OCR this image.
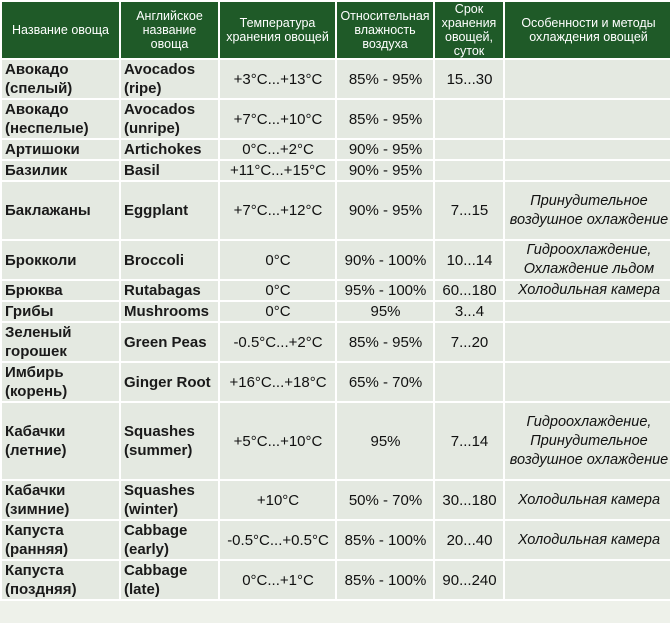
Название овоща	Английское название овоща	Температура хранения овощей	Относительная влажность воздуха	Срок хранения овощей, суток	Особенности и методы охлаждения овощей
Авокадо (спелый)	Avocados (ripe)	+3°C...+13°C	85% - 95%	15...30	
Авокадо (неспелые)	Avocados (unripe)	+7°C...+10°C	85% - 95%		
Артишоки	Artichokes	0°C...+2°C	90% - 95%		
Базилик	Basil	+11°C...+15°C	90% - 95%		
Баклажаны	Eggplant	+7°C...+12°C	90% - 95%	7...15	Принудительное воздушное охлаждение
Брокколи	Broccoli	0°C	90% - 100%	10...14	Гидроохлаждение, Охлаждение льдом
Брюква	Rutabagas	0°C	95% - 100%	60...180	Холодильная камера
Грибы	Mushrooms	0°C	95%	3...4	
Зеленый горошек	Green Peas	-0.5°C...+2°C	85% - 95%	7...20	
Имбирь (корень)	Ginger Root	+16°C...+18°C	65% - 70%		
Кабачки (летние)	Squashes (summer)	+5°C...+10°C	95%	7...14	Гидроохлаждение, Принудительное воздушное охлаждение
Кабачки (зимние)	Squashes (winter)	+10°C	50% - 70%	30...180	Холодильная камера
Капуста (ранняя)	Cabbage (early)	-0.5°C...+0.5°C	85% - 100%	20...40	Холодильная камера
Капуста (поздняя)	Cabbage (late)	0°C...+1°C	85% - 100%	90...240	
